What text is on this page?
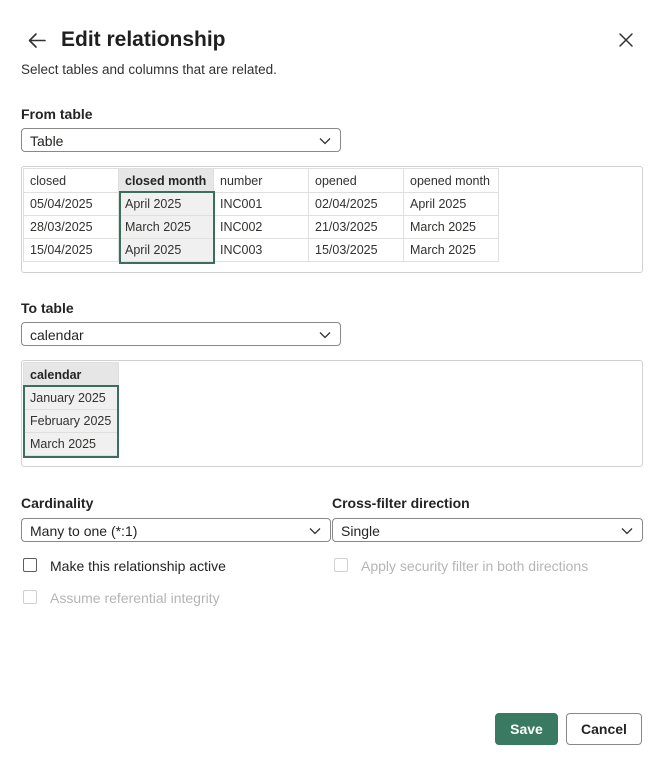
Edit relationship
Select tables and columns that are related.
From table
Table
closed	closed month	number	opened	opened month
05/04/2025	April 2025	INC001	02/04/2025	April 2025
28/03/2025	March 2025	INC002	21/03/2025	March 2025
15/04/2025	April 2025	INC003	15/03/2025	March 2025
To table
calendar
calendar
January 2025
February 2025
March 2025
Cardinality
Many to one (*:1)
Cross-filter direction
Single
Make this relationship active	Apply security filter in both directions
Assume referential integrity
Save	Cancel
